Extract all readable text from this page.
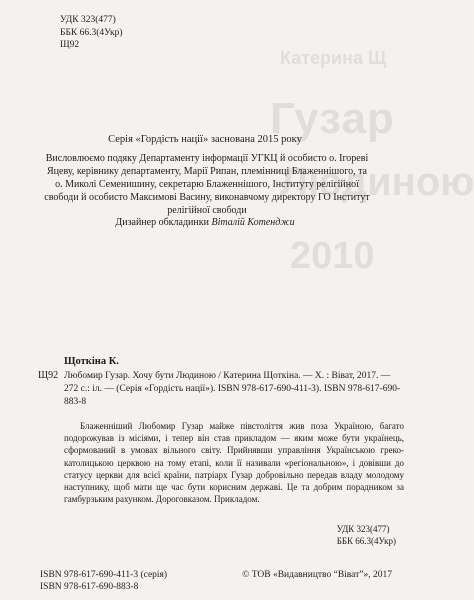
Катерина Щ
Гузар
Людиною
2010
УДК 323(477)
ББК 66.3(4Укр)
Щ92
Серія «Гордість нації» заснована 2015 року
Висловлюємо подяку Департаменту інформації УГКЦ й особисто о. Ігореві Яцеву, керівнику департаменту, Марії Рипан, племінниці Блаженнішого, та о. Миколі Семенишину, секретарю Блаженнішого, Інституту релігійної свободи й особисто Максимові Васину, виконавчому директору ГО Інститут релігійної свободи
Дизайнер обкладинки Віталій Котенджи
Щоткіна К.
Щ92 Любомир Гузар. Хочу бути Людиною / Катерина Щоткіна. — Х. : Віват, 2017. — 272 с.: іл. — (Серія «Гордість нації»). ISBN 978-617-690-411-3). ISBN 978-617-690-883-8
Блаженніший Любомир Гузар майже півстоліття жив поза Україною, багато подорожував із місіями, і тепер він став прикладом — яким може бути українець, сформований в умовах вільного світу. Прийнявши управління Українською греко-католицькою церквою на тому етапі, коли її називали «регіональною», і довівши до статусу церкви для всієї країни, патріарх Гузар добровільно передав владу молодому наступнику, щоб мати ще час бути корисним державі. Це та добрим порадником за гамбурзьким рахунком. Дороговказом. Прикладом.
УДК 323(477)
ББК 66.3(4Укр)
ISBN 978-617-690-411-3 (серія)
ISBN 978-617-690-883-8
© ТОВ «Видавництво “Віват”», 2017
